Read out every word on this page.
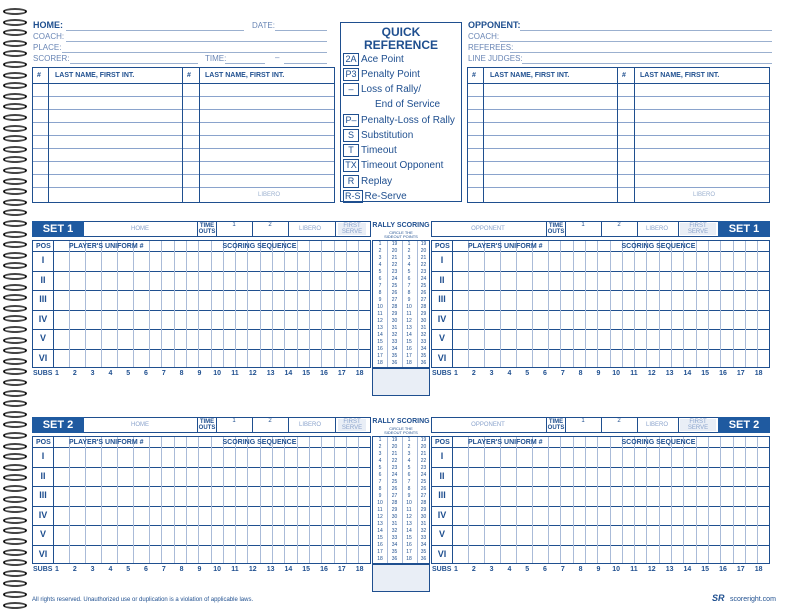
HOME:	DATE:
COACH:
PLACE:
SCORER:	TIME:	–
OPPONENT:
COACH:
REFEREES:
LINE JUDGES:
# LAST NAME, FIRST INT.	# LAST NAME, FIRST INT.
LIBERO
# LAST NAME, FIRST INT.	# LAST NAME, FIRST INT.
LIBERO
QUICK
REFERENCE
2A Ace Point
P3 Penalty Point
– Loss of Rally/
End of Service
P– Penalty-Loss of Rally
S Substitution
T Timeout
TX Timeout Opponent
R Replay
R-S Re-Serve
SET 1	HOME	TIME OUTS
1	2
LIBERO	FIRST SERVE	SET 1
OPPONENT	TIME OUTS
1	2
LIBERO	FIRST SERVE
RALLY SCORING
CIRCLE THE
SIDEOUT POINTS
POS	PLAYER'S UNIFORM #	SCORING SEQUENCE
I
II
III
IV
V
VI
SUBS 1	2	3	4	5	6	7	8	9	10	11	12	13	14	15	16	17	18
POS	PLAYER'S UNIFORM #	SCORING SEQUENCE
I
II
III
IV
V
VI
SUBS 1	2	3	4	5	6	7	8	9	10	11	12	13	14	15	16	17	18
1	19	1	19
2	20	2	20
3	21	3	21
4	22	4	22
5	23	5	23
6	24	6	24
7	25	7	25
8	26	8	26
9	27	9	27
10	28	10	28
11	29	11	29
12	30	12	30
13	31	13	31
14	32	14	32
15	33	15	33
16	34	16	34
17	35	17	35
18	36	18	36
SET 2	HOME	TIME OUTS
1	2
LIBERO	FIRST SERVE	SET 2
OPPONENT	TIME OUTS
1	2
LIBERO	FIRST SERVE
RALLY SCORING
CIRCLE THE
SIDEOUT POINTS
POS	PLAYER'S UNIFORM #	SCORING SEQUENCE
I
II
III
IV
V
VI
SUBS 1	2	3	4	5	6	7	8	9	10	11	12	13	14	15	16	17	18
POS	PLAYER'S UNIFORM #	SCORING SEQUENCE
I
II
III
IV
V
VI
SUBS 1	2	3	4	5	6	7	8	9	10	11	12	13	14	15	16	17	18
1	19	1	19
2	20	2	20
3	21	3	21
4	22	4	22
5	23	5	23
6	24	6	24
7	25	7	25
8	26	8	26
9	27	9	27
10	28	10	28
11	29	11	29
12	30	12	30
13	31	13	31
14	32	14	32
15	33	15	33
16	34	16	34
17	35	17	35
18	36	18	36
All rights reserved. Unauthorized use or duplication is a violation of applicable laws.	SR scoreright.com
